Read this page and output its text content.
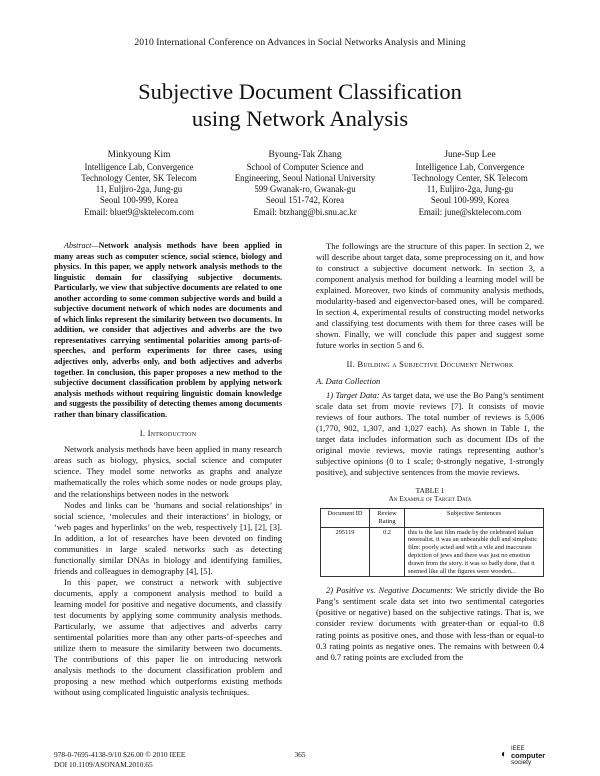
2010 International Conference on Advances in Social Networks Analysis and Mining
Subjective Document Classification
using Network Analysis
Minkyoung Kim
Intelligence Lab, Convergence
Technology Center, SK Telecom
11, Euljiro-2ga, Jung-gu
Seoul 100-999, Korea
Email: bluet9@sktelecom.com
Byoung-Tak Zhang
School of Computer Science and
Engineering, Seoul National University
599 Gwanak-ro, Gwanak-gu
Seoul 151-742, Korea
Email: btzhang@bi.snu.ac.kr
June-Sup Lee
Intelligence Lab, Convergence
Technology Center, SK Telecom
11, Euljiro-2ga, Jung-gu
Seoul 100-999, Korea
Email: june@sktelecom.com

Abstract—Network analysis methods have been applied in many areas such as computer science, social science, biology and physics. In this paper, we apply network analysis methods to the linguistic domain for classifying subjective documents. Particularly, we view that subjective documents are related to one another according to some common subjective words and build a subjective document network of which nodes are documents and of which links represent the similarity between two documents. In addition, we consider that adjectives and adverbs are the two representatives carrying sentimental polarities among parts-of-speeches, and perform experiments for three cases, using adjectives only, adverbs only, and both adjectives and adverbs together. In conclusion, this paper proposes a new method to the subjective document classification problem by applying network analysis methods without requiring linguistic domain knowledge and suggests the possibility of detecting themes among documents rather than binary classification.

I. Introduction

Network analysis methods have been applied in many research areas such as biology, physics, social science and computer science. They model some networks as graphs and analyze mathematically the roles which some nodes or node groups play, and the relationships between nodes in the network

Nodes and links can be ‘humans and social relationships’ in social science, ‘molecules and their interactions’ in biology, or ‘web pages and hyperlinks’ on the web, respectively [1], [2], [3]. In addition, a lot of researches have been devoted on finding communities in large scaled networks such as detecting functionally similar DNAs in biology and identifying families, friends and colleagues in demography [4], [5].

In this paper, we construct a network with subjective documents, apply a component analysis method to build a learning model for positive and negative documents, and classify test documents by applying some community analysis methods. Particularly, we assume that adjectives and adverbs carry sentimental polarities more than any other parts-of-speeches and utilize them to measure the similarity between two documents. The contributions of this paper lie on introducing network analysis methods to the document classification problem and proposing a new method which outperforms existing methods without using complicated linguistic analysis techniques.

The followings are the structure of this paper. In section 2, we will describe about target data, some preprocessing on it, and how to construct a subjective document network. In section 3, a component analysis method for building a learning model will be explained. Moreover, two kinds of community analysis methods, modularity-based and eigenvector-based ones, will be compared. In section 4, experimental results of constructing model networks and classifying test documents with them for three cases will be shown. Finally, we will conclude this paper and suggest some future works in section 5 and 6.

II. Building a Subjective Document Network
A. Data Collection

1) Target Data: As target data, we use the Bo Pang’s sentiment scale data set from movie reviews [7]. It consists of movie reviews of four authors. The total number of reviews is 5,006 (1,770, 902, 1,307, and 1,027 each). As shown in Table 1, the target data includes information such as document IDs of the original movie reviews, movie ratings representing author’s subjective opinions (0 to 1 scale; 0-strongly negative, 1-strongly positive), and subjective sentences from the movie reviews.

TABLE 1
An Example of Target Data
Document ID	Review Rating	Subjective Sentences
295119	0.2	this is the last film made by the celebrated italian neorealist. it was an unbearable dull and simplistic film: poorly acted and with a vile and inaccurate depiction of jews and there was just no emotion drawn from the story. it was so badly done, that it seemed like all the figures were wooden...

2) Positive vs. Negative Documents: We strictly divide the Bo Pang’s sentiment scale data set into two sentimental categories (positive or negative) based on the subjective ratings. That is, we consider review documents with greater-than or equal-to 0.8 rating points as positive ones, and those with less-than or equal-to 0.3 rating points as negative ones. The remains with between 0.4 and 0.7 rating points are excluded from the

978-0-7695-4138-9/10 $26.00 © 2010 IEEE
DOI 10.1109/ASONAM.2010.65
365	◐ IEEE
computer
society
